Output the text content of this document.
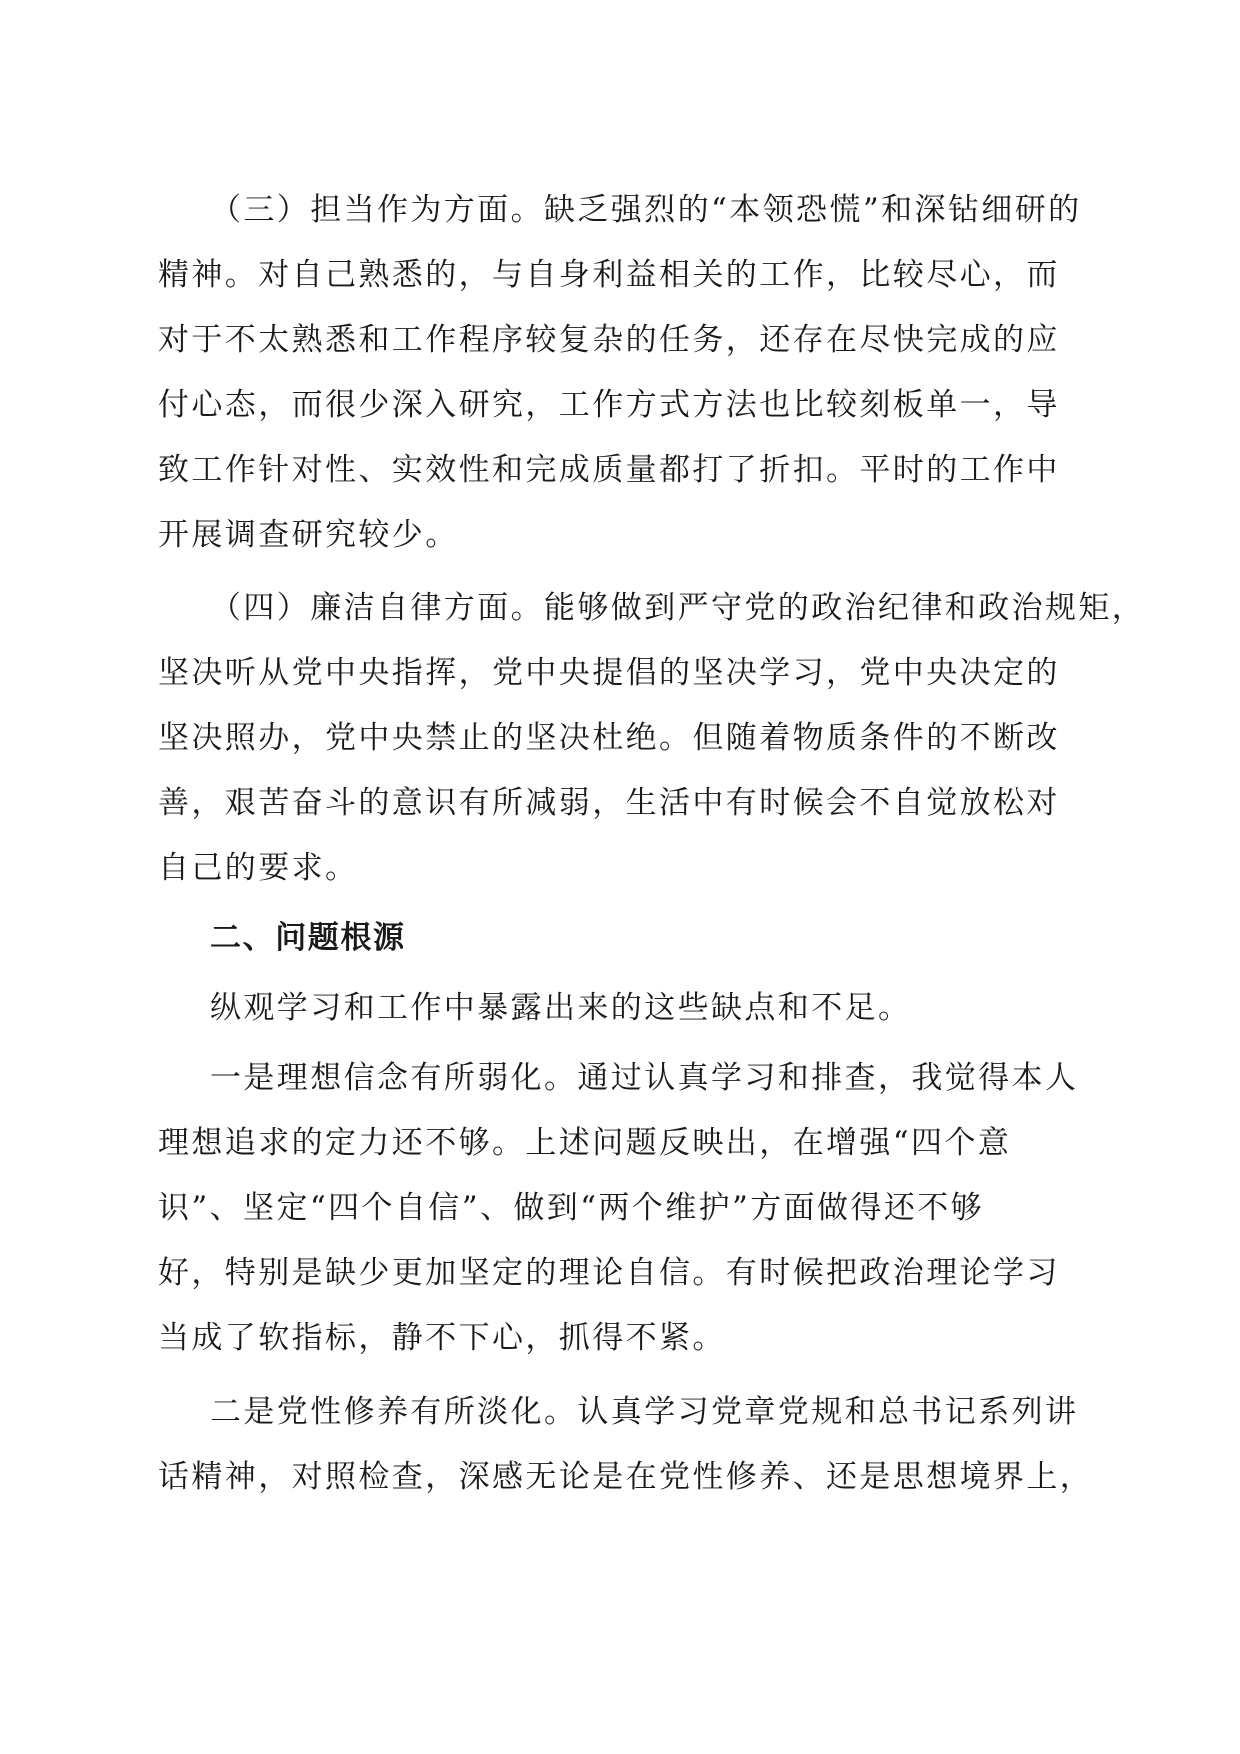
（三）担当作为方面。缺乏强烈的“本领恐慌”和深钻细研的

精神。对自己熟悉的，与自身利益相关的工作，比较尽心，而

对于不太熟悉和工作程序较复杂的任务，还存在尽快完成的应

付心态，而很少深入研究，工作方式方法也比较刻板单一，导

致工作针对性、实效性和完成质量都打了折扣。平时的工作中

开展调查研究较少。

（四）廉洁自律方面。能够做到严守党的政治纪律和政治规矩，

坚决听从党中央指挥，党中央提倡的坚决学习，党中央决定的

坚决照办，党中央禁止的坚决杜绝。但随着物质条件的不断改

善，艰苦奋斗的意识有所减弱，生活中有时候会不自觉放松对

自己的要求。

二、问题根源

纵观学习和工作中暴露出来的这些缺点和不足。

一是理想信念有所弱化。通过认真学习和排查，我觉得本人

理想追求的定力还不够。上述问题反映出，在增强“四个意

识”、坚定“四个自信”、做到“两个维护”方面做得还不够

好，特别是缺少更加坚定的理论自信。有时候把政治理论学习

当成了软指标，静不下心，抓得不紧。

二是党性修养有所淡化。认真学习党章党规和总书记系列讲

话精神，对照检查，深感无论是在党性修养、还是思想境界上，
